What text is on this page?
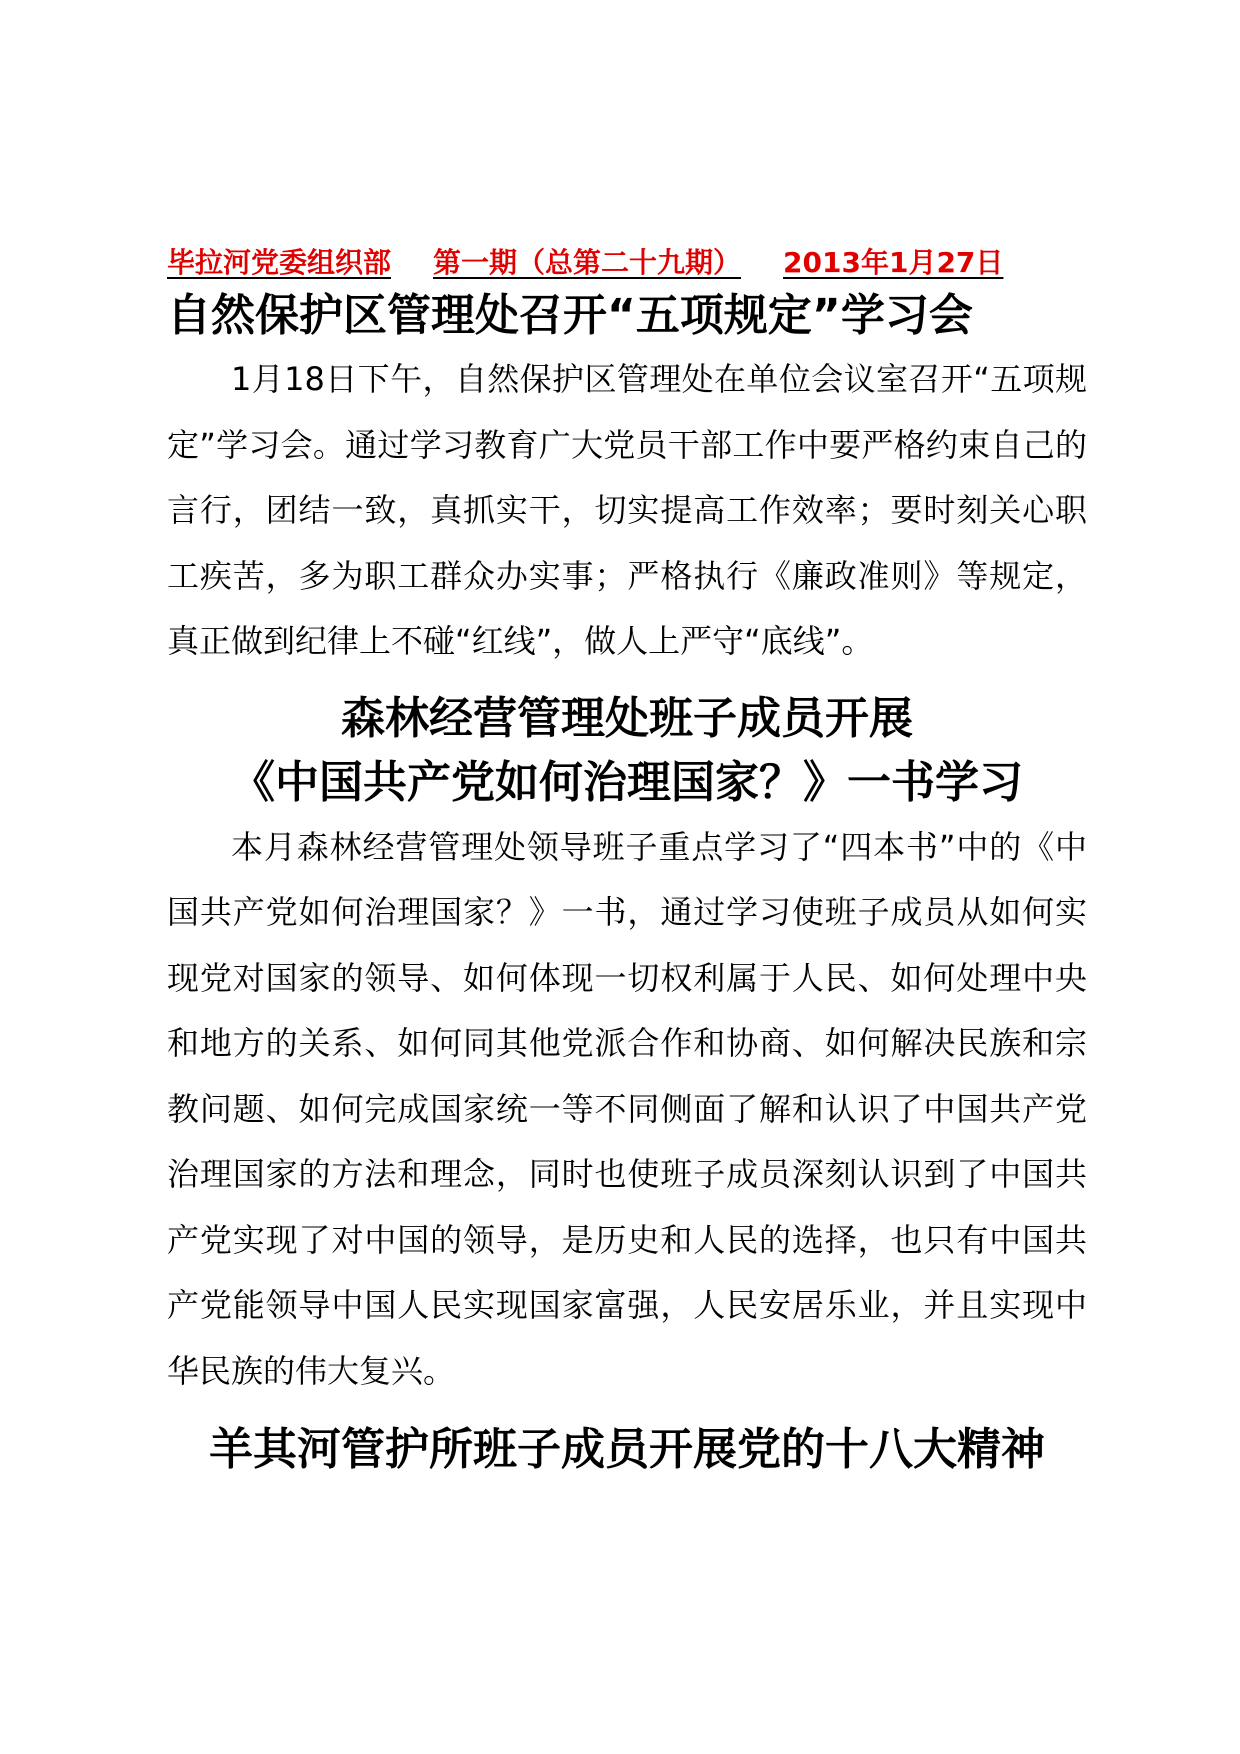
毕拉河党委组织部 第一期（总第二十九期） 2013年1月27日
自然保护区管理处召开“五项规定”学习会

1月18日下午，自然保护区管理处在单位会议室召开“五项规定”学习会。通过学习教育广大党员干部工作中要严格约束自己的言行，团结一致，真抓实干，切实提高工作效率；要时刻关心职工疾苦，多为职工群众办实事；严格执行《廉政准则》等规定，真正做到纪律上不碰“红线”，做人上严守“底线”。

森林经营管理处班子成员开展
《中国共产党如何治理国家？》一书学习

本月森林经营管理处领导班子重点学习了“四本书”中的《中国共产党如何治理国家？》一书，通过学习使班子成员从如何实现党对国家的领导、如何体现一切权利属于人民、如何处理中央和地方的关系、如何同其他党派合作和协商、如何解决民族和宗教问题、如何完成国家统一等不同侧面了解和认识了中国共产党治理国家的方法和理念，同时也使班子成员深刻认识到了中国共产党实现了对中国的领导，是历史和人民的选择，也只有中国共产党能领导中国人民实现国家富强，人民安居乐业，并且实现中华民族的伟大复兴。

羊其河管护所班子成员开展党的十八大精神
